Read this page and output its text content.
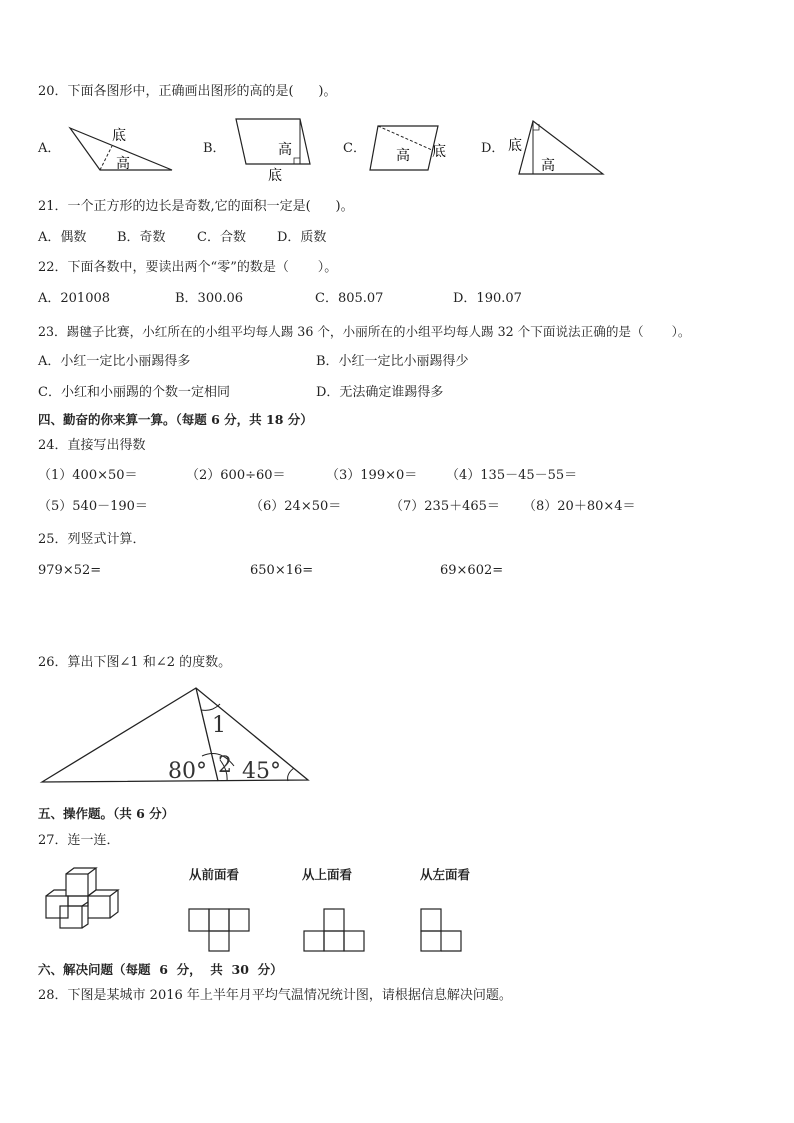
20．下面各图形中，正确画出图形的高的是(      )。
A．
底
高
B．	高
底
C． 高 底	D． 底
高
21．一个正方形的边长是奇数,它的面积一定是(      )。
A．偶数 B．奇数 C．合数 D．质数
22．下面各数中，要读出两个“零”的数是（       ）。
A．201008	B．300.06	C．805.07	D．190.07
23．踢毽子比赛，小红所在的小组平均每人踢 36 个，小丽所在的小组平均每人踢 32 个下面说法正确的是（       ）。
A．小红一定比小丽踢得多	B．小红一定比小丽踢得少
C．小红和小丽踢的个数一定相同	D．无法确定谁踢得多
四、勤奋的你来算一算。（每题 6 分，共 18 分）
24．直接写出得数
（1）400×50＝	（2）600÷60＝	（3）199×0＝ （4）135－45－55＝
（5）540－190＝	（6）24×50＝	（7）235＋465＝ （8）20＋80×4＝
25．列竖式计算．
979×52=	650×16=	69×602=
26．算出下图∠1 和∠2 的度数。
1
2
80° 45°
五、操作题。（共 6 分）
27．连一连．
从前面看	从上面看	从左面看
六、解决问题（每题  6  分，  共  30  分）
28．下图是某城市 2016 年上半年月平均气温情况统计图，请根据信息解决问题。
